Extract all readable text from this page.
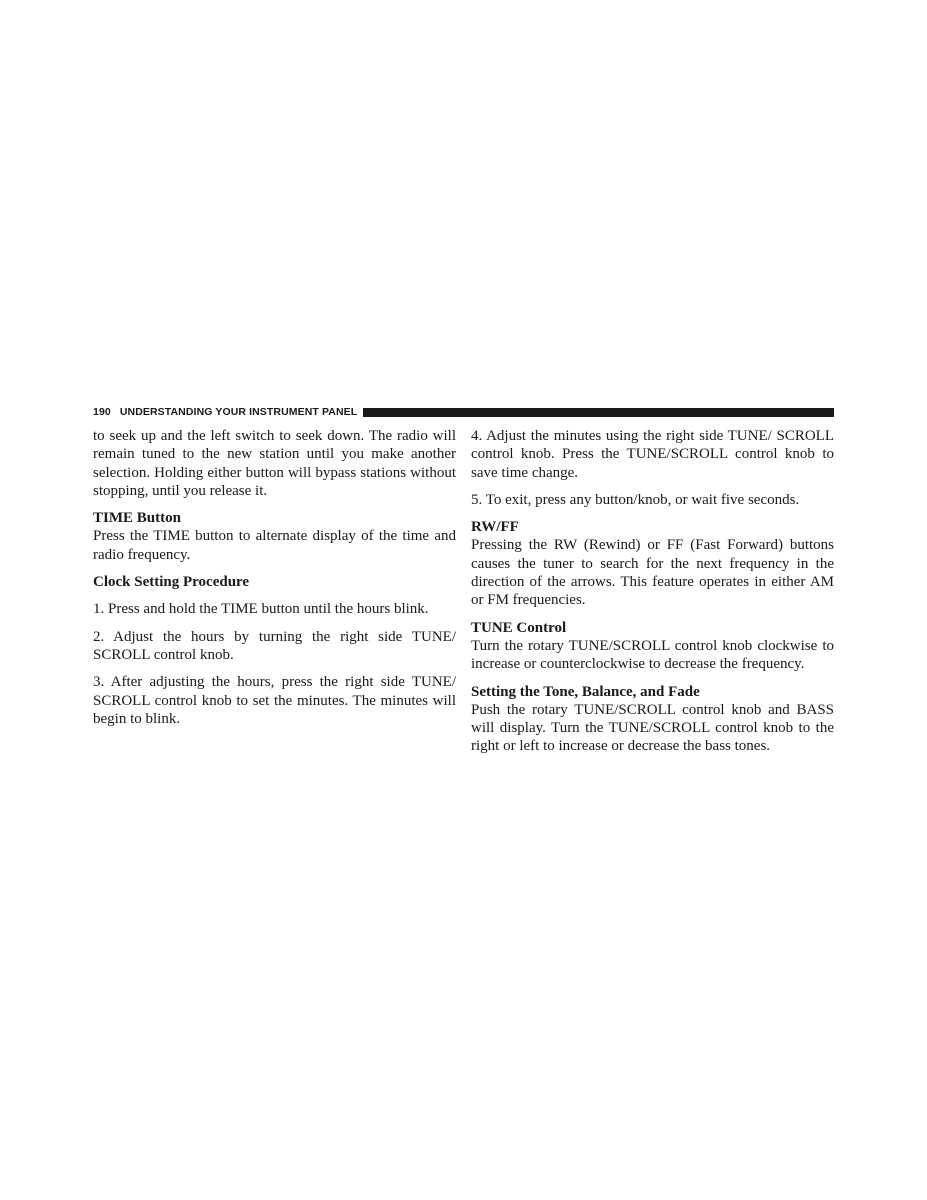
190 UNDERSTANDING YOUR INSTRUMENT PANEL

to seek up and the left switch to seek down. The radio will remain tuned to the new station until you make another selection. Holding either button will bypass stations without stopping, until you release it.

TIME Button

Press the TIME button to alternate display of the time and radio frequency.

Clock Setting Procedure

1. Press and hold the TIME button until the hours blink.

2. Adjust the hours by turning the right side TUNE/ SCROLL control knob.

3. After adjusting the hours, press the right side TUNE/ SCROLL control knob to set the minutes. The minutes will begin to blink.

4. Adjust the minutes using the right side TUNE/ SCROLL control knob. Press the TUNE/SCROLL control knob to save time change.

5. To exit, press any button/knob, or wait five seconds.

RW/FF

Pressing the RW (Rewind) or FF (Fast Forward) buttons causes the tuner to search for the next frequency in the direction of the arrows. This feature operates in either AM or FM frequencies.

TUNE Control

Turn the rotary TUNE/SCROLL control knob clockwise to increase or counterclockwise to decrease the frequency.

Setting the Tone, Balance, and Fade

Push the rotary TUNE/SCROLL control knob and BASS will display. Turn the TUNE/SCROLL control knob to the right or left to increase or decrease the bass tones.
